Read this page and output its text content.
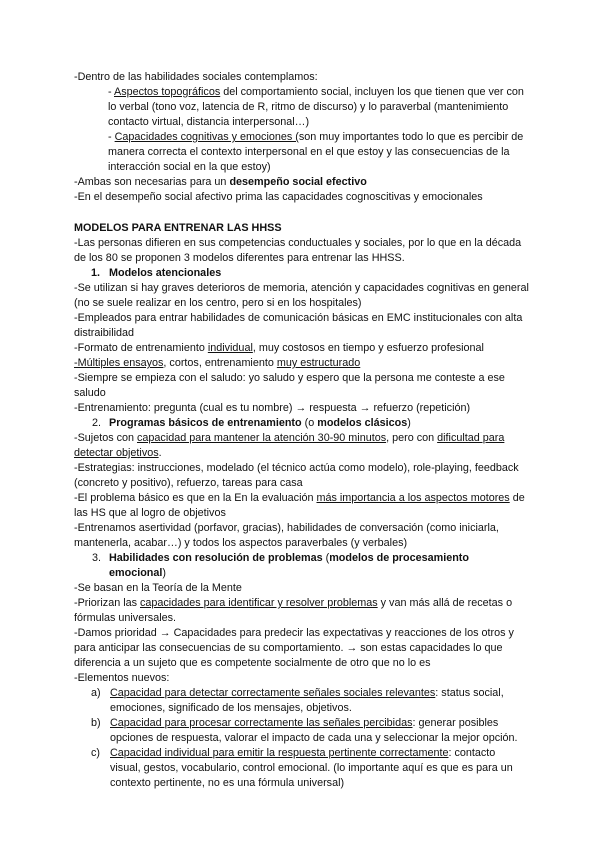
-Dentro de las habilidades sociales contemplamos:

- Aspectos topográficos del comportamiento social, incluyen los que tienen que ver con lo verbal (tono voz, latencia de R, ritmo de discurso) y lo paraverbal (mantenimiento contacto virtual, distancia interpersonal…)

- Capacidades cognitivas y emociones (son muy importantes todo lo que es percibir de manera correcta el contexto interpersonal en el que estoy y las consecuencias de la interacción social en la que estoy)

-Ambas son necesarias para un desempeño social efectivo

-En el desempeño social afectivo prima las capacidades cognoscitivas y emocionales

MODELOS PARA ENTRENAR LAS HHSS

-Las personas difieren en sus competencias conductuales y sociales, por lo que en la década de los 80 se proponen 3 modelos diferentes para entrenar las HHSS.

1. Modelos atencionales

-Se utilizan si hay graves deterioros de memoria, atención y capacidades cognitivas en general (no se suele realizar en los centro, pero si en los hospitales)

-Empleados para entrar habilidades de comunicación básicas en EMC institucionales con alta distraibilidad

-Formato de entrenamiento individual, muy costosos en tiempo y esfuerzo profesional

-Múltiples ensayos, cortos, entrenamiento muy estructurado

-Siempre se empieza con el saludo: yo saludo y espero que la persona me conteste a ese saludo

-Entrenamiento: pregunta (cual es tu nombre) → respuesta → refuerzo (repetición)

2. Programas básicos de entrenamiento (o modelos clásicos)

-Sujetos con capacidad para mantener la atención 30-90 minutos, pero con dificultad para detectar objetivos.

-Estrategias: instrucciones, modelado (el técnico actúa como modelo), role-playing, feedback (concreto y positivo), refuerzo, tareas para casa

-El problema básico es que en la En la evaluación más importancia a los aspectos motores de las HS que al logro de objetivos

-Entrenamos asertividad (porfavor, gracias), habilidades de conversación (como iniciarla, mantenerla, acabar…) y todos los aspectos paraverbales (y verbales)

3. Habilidades con resolución de problemas (modelos de procesamiento emocional)

-Se basan en la Teoría de la Mente

-Priorizan las capacidades para identificar y resolver problemas y van más allá de recetas o fórmulas universales.

-Damos prioridad → Capacidades para predecir las expectativas y reacciones de los otros y para anticipar las consecuencias de su comportamiento. → son estas capacidades lo que diferencia a un sujeto que es competente socialmente de otro que no lo es

-Elementos nuevos:

a) Capacidad para detectar correctamente señales sociales relevantes: status social, emociones, significado de los mensajes, objetivos.

b) Capacidad para procesar correctamente las señales percibidas: generar posibles opciones de respuesta, valorar el impacto de cada una y seleccionar la mejor opción.

c) Capacidad individual para emitir la respuesta pertinente correctamente: contacto visual, gestos, vocabulario, control emocional. (lo importante aquí es que es para un contexto pertinente, no es una fórmula universal)
